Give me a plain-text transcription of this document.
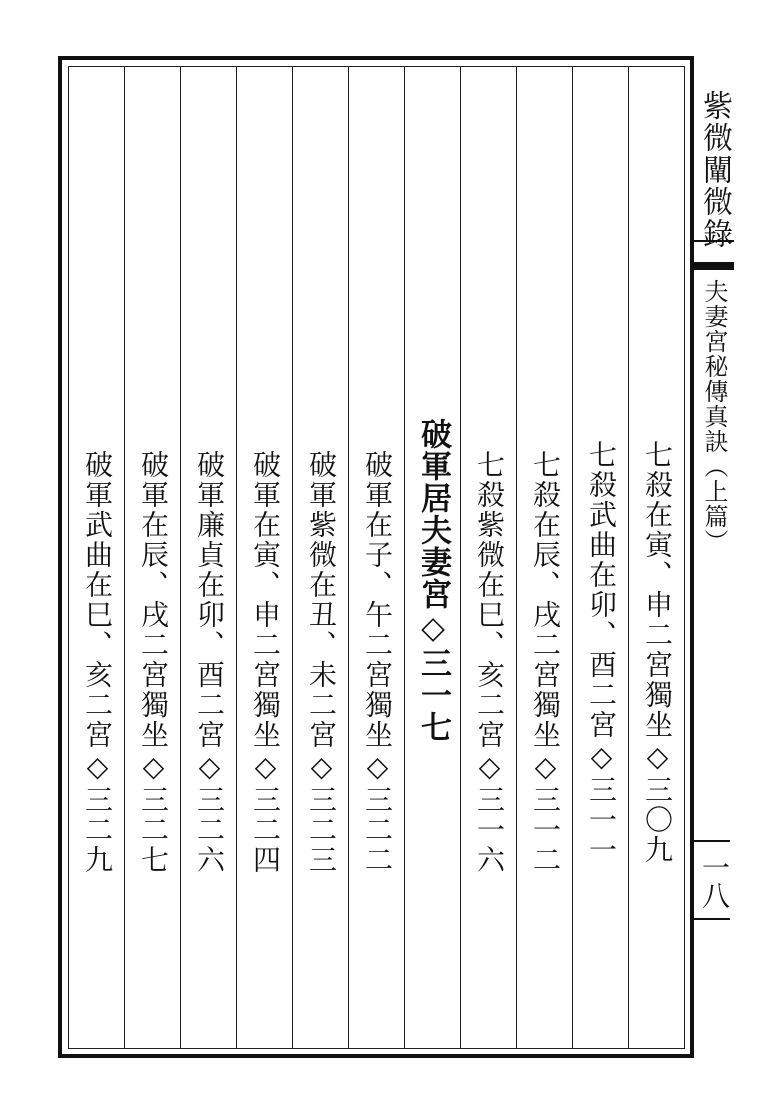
七殺在寅、申二宮獨坐◇三〇九
七殺武曲在卯、酉二宮◇三一一
七殺在辰、戌二宮獨坐◇三一二
七殺紫微在巳、亥二宮◇三一六
破軍居夫妻宮◇三一七
破軍在子、午二宮獨坐◇三二二
破軍紫微在丑、未二宮◇三二三
破軍在寅、申二宮獨坐◇三二四
破軍廉貞在卯、酉二宮◇三二六
破軍在辰、戌二宮獨坐◇三二七
破軍武曲在巳、亥二宮◇三二九
紫微闡微錄
夫妻宮秘傳真訣（上篇）
一八
